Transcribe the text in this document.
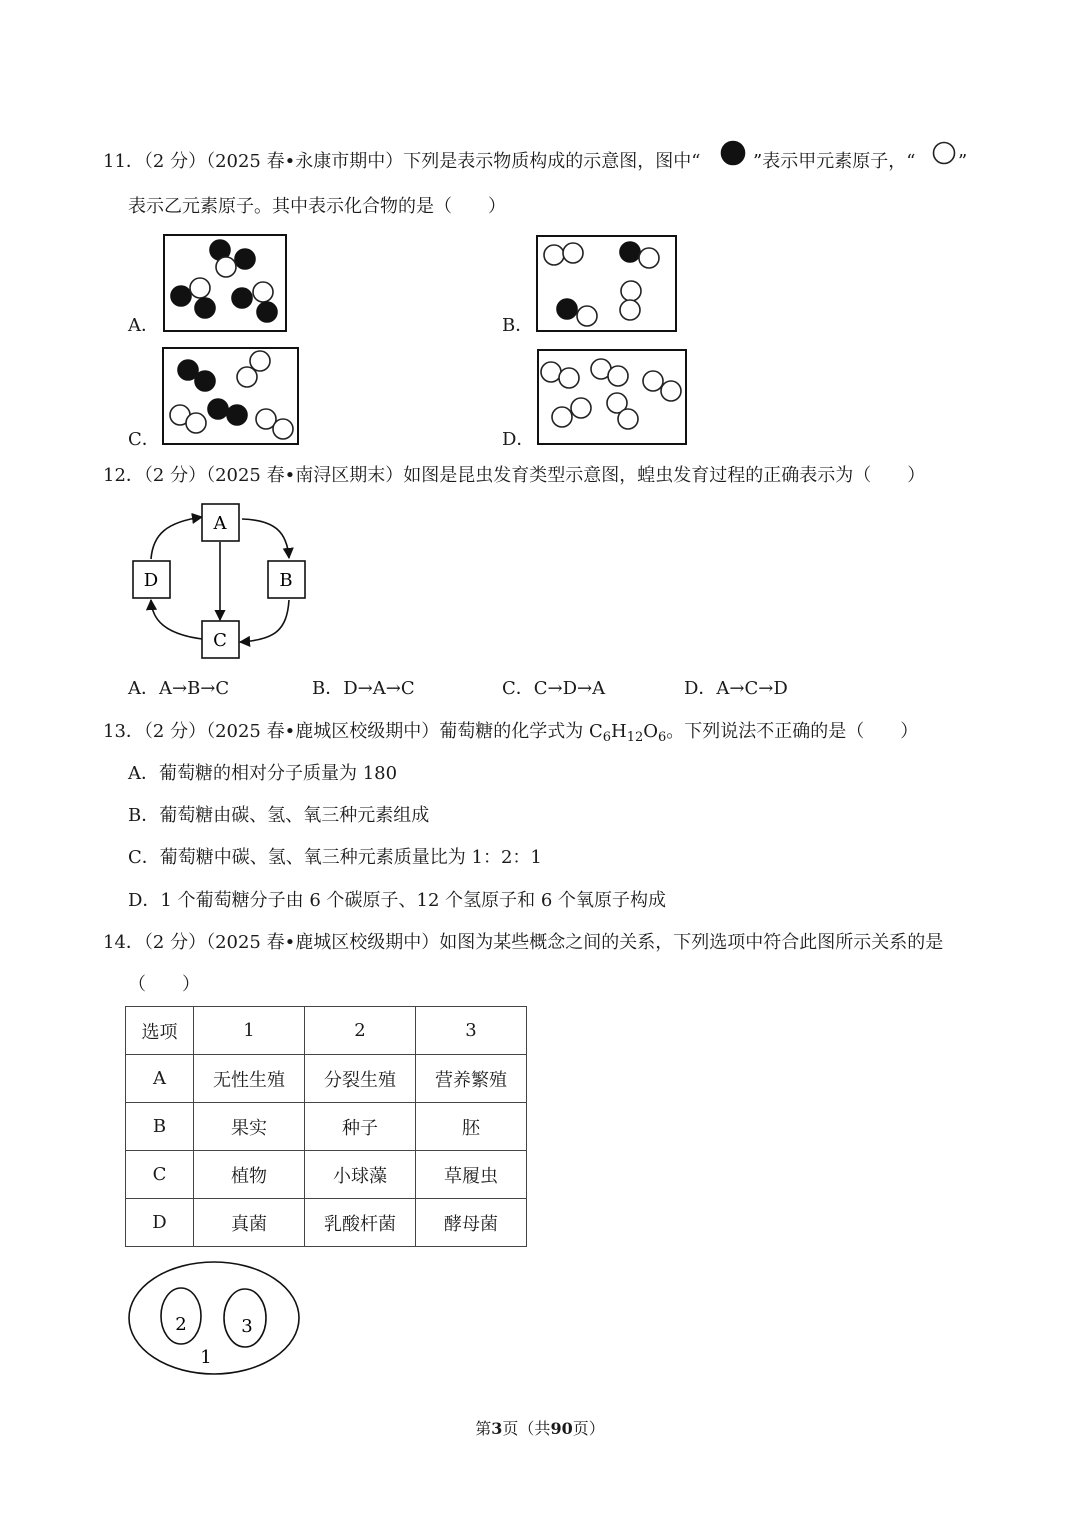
11．（2 分）（2025 春•永康市期中）下列是表示物质构成的示意图，图中“	”表示甲元素原子，“ ”
表示乙元素原子。其中表示化合物的是（　　）
A．	B．
C．	D．
12．（2 分）（2025 春•南浔区期末）如图是昆虫发育类型示意图，蝗虫发育过程的正确表示为（　　）
A
B
C
D
A．A→B→C	B．D→A→C	C．C→D→A	D．A→C→D
13．（2 分）（2025 春•鹿城区校级期中）葡萄糖的化学式为 $C_6H_{12}O_6$。下列说法不正确的是（　　）
A．葡萄糖的相对分子质量为 180
B．葡萄糖由碳、氢、氧三种元素组成
C．葡萄糖中碳、氢、氧三种元素质量比为 1：2：1
D．1 个葡萄糖分子由 6 个碳原子、12 个氢原子和 6 个氧原子构成
14．（2 分）（2025 春•鹿城区校级期中）如图为某些概念之间的关系，下列选项中符合此图所示关系的是
（　　）
选项	1	2	3
A	无性生殖	分裂生殖	营养繁殖
B	果实	种子	胚
C	植物	小球藻	草履虫
D	真菌	乳酸杆菌	酵母菌
2	3
1
第3页（共90页）
